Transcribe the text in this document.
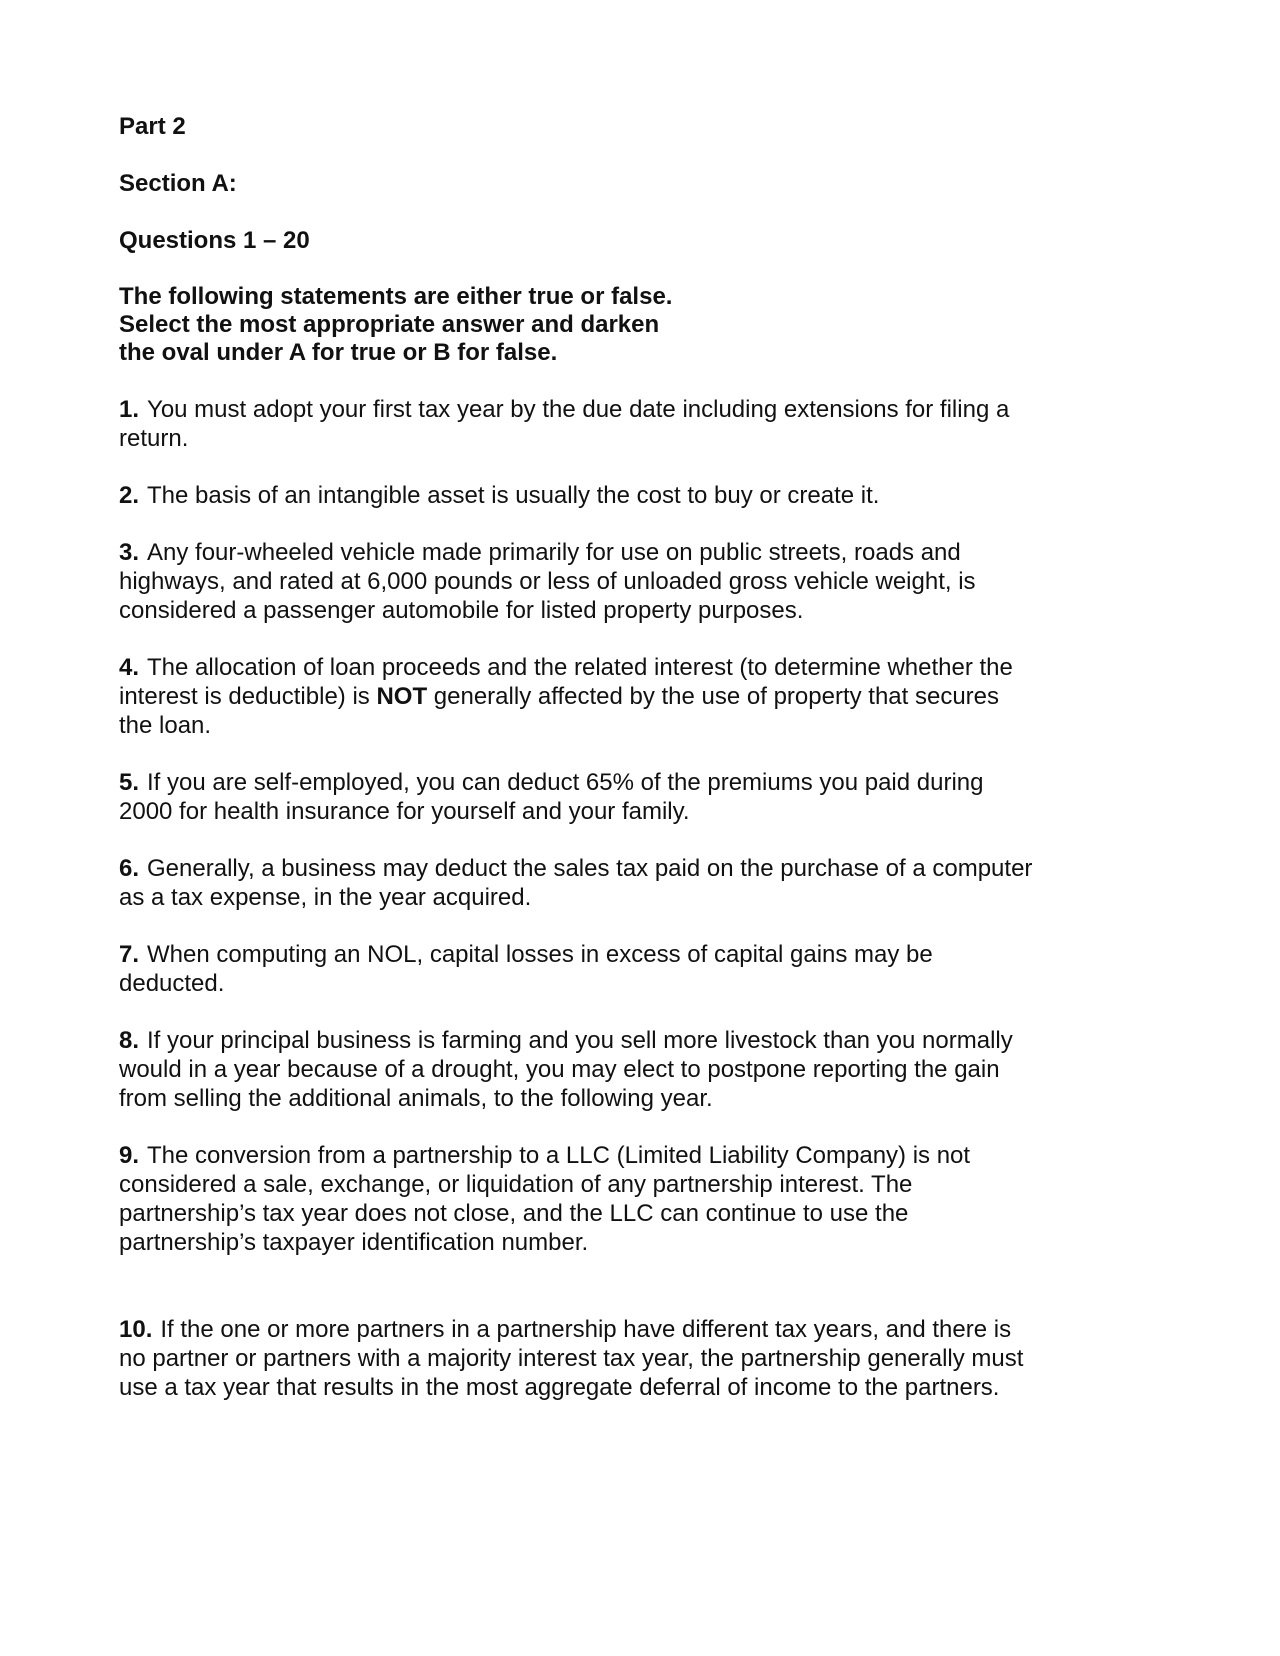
Part 2
Section A:
Questions 1 – 20
The following statements are either true or false.
Select the most appropriate answer and darken
the oval under A for true or B for false.
1. You must adopt your first tax year by the due date including extensions for filing a return.
2. The basis of an intangible asset is usually the cost to buy or create it.
3. Any four-wheeled vehicle made primarily for use on public streets, roads and highways, and rated at 6,000 pounds or less of unloaded gross vehicle weight, is considered a passenger automobile for listed property purposes.
4. The allocation of loan proceeds and the related interest (to determine whether the interest is deductible) is NOT generally affected by the use of property that secures the loan.
5. If you are self-employed, you can deduct 65% of the premiums you paid during 2000 for health insurance for yourself and your family.
6. Generally, a business may deduct the sales tax paid on the purchase of a computer as a tax expense, in the year acquired.
7. When computing an NOL, capital losses in excess of capital gains may be deducted.
8. If your principal business is farming and you sell more livestock than you normally would in a year because of a drought, you may elect to postpone reporting the gain from selling the additional animals, to the following year.
9. The conversion from a partnership to a LLC (Limited Liability Company) is not considered a sale, exchange, or liquidation of any partnership interest. The partnership’s tax year does not close, and the LLC can continue to use the partnership’s taxpayer identification number.
10. If the one or more partners in a partnership have different tax years, and there is no partner or partners with a majority interest tax year, the partnership generally must use a tax year that results in the most aggregate deferral of income to the partners.
